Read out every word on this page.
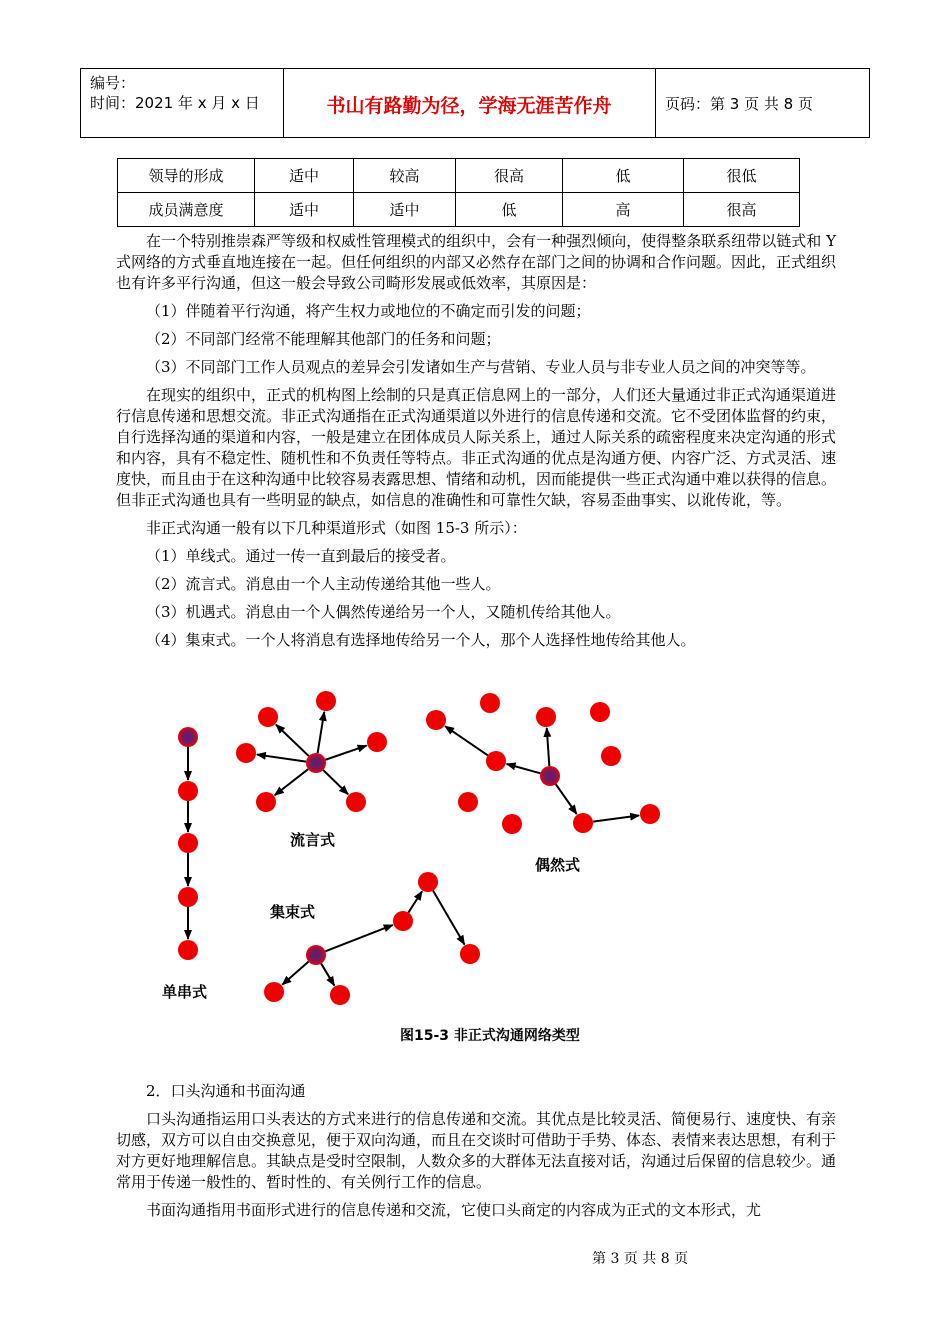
编号：
时间：2021 年 x 月 x 日	书山有路勤为径，学海无涯苦作舟	页码：第 3 页 共 8 页
领导的形成	适中	较高	很高	低	很低
成员满意度	适中	适中	低	高	很高

在一个特别推崇森严等级和权威性管理模式的组织中，会有一种强烈倾向，使得整条联系纽带以链式和 Y 式网络的方式垂直地连接在一起。但任何组织的内部又必然存在部门之间的协调和合作问题。因此，正式组织也有许多平行沟通，但这一般会导致公司畸形发展或低效率，其原因是：

（1）伴随着平行沟通，将产生权力或地位的不确定而引发的问题；

（2）不同部门经常不能理解其他部门的任务和问题；

（3）不同部门工作人员观点的差异会引发诸如生产与营销、专业人员与非专业人员之间的冲突等等。

在现实的组织中，正式的机构图上绘制的只是真正信息网上的一部分，人们还大量通过非正式沟通渠道进行信息传递和思想交流。非正式沟通指在正式沟通渠道以外进行的信息传递和交流。它不受团体监督的约束，自行选择沟通的渠道和内容，一般是建立在团体成员人际关系上，通过人际关系的疏密程度来决定沟通的形式和内容，具有不稳定性、随机性和不负责任等特点。非正式沟通的优点是沟通方便、内容广泛、方式灵活、速度快，而且由于在这种沟通中比较容易表露思想、情绪和动机，因而能提供一些正式沟通中难以获得的信息。但非正式沟通也具有一些明显的缺点，如信息的准确性和可靠性欠缺，容易歪曲事实、以讹传讹，等。

非正式沟通一般有以下几种渠道形式（如图 15-3 所示）：

（1）单线式。通过一传一直到最后的接受者。

（2）流言式。消息由一个人主动传递给其他一些人。

（3）机遇式。消息由一个人偶然传递给另一个人，又随机传给其他人。

（4）集束式。一个人将消息有选择地传给另一个人，那个人选择性地传给其他人。

单串式
流言式
偶然式
集束式
图15-3 非正式沟通网络类型

2．口头沟通和书面沟通

口头沟通指运用口头表达的方式来进行的信息传递和交流。其优点是比较灵活、简便易行、速度快、有亲切感，双方可以自由交换意见，便于双向沟通，而且在交谈时可借助于手势、体态、表情来表达思想，有利于对方更好地理解信息。其缺点是受时空限制，人数众多的大群体无法直接对话，沟通过后保留的信息较少。通常用于传递一般性的、暂时性的、有关例行工作的信息。

书面沟通指用书面形式进行的信息传递和交流，它使口头商定的内容成为正式的文本形式，尤

第 3 页 共 8 页
